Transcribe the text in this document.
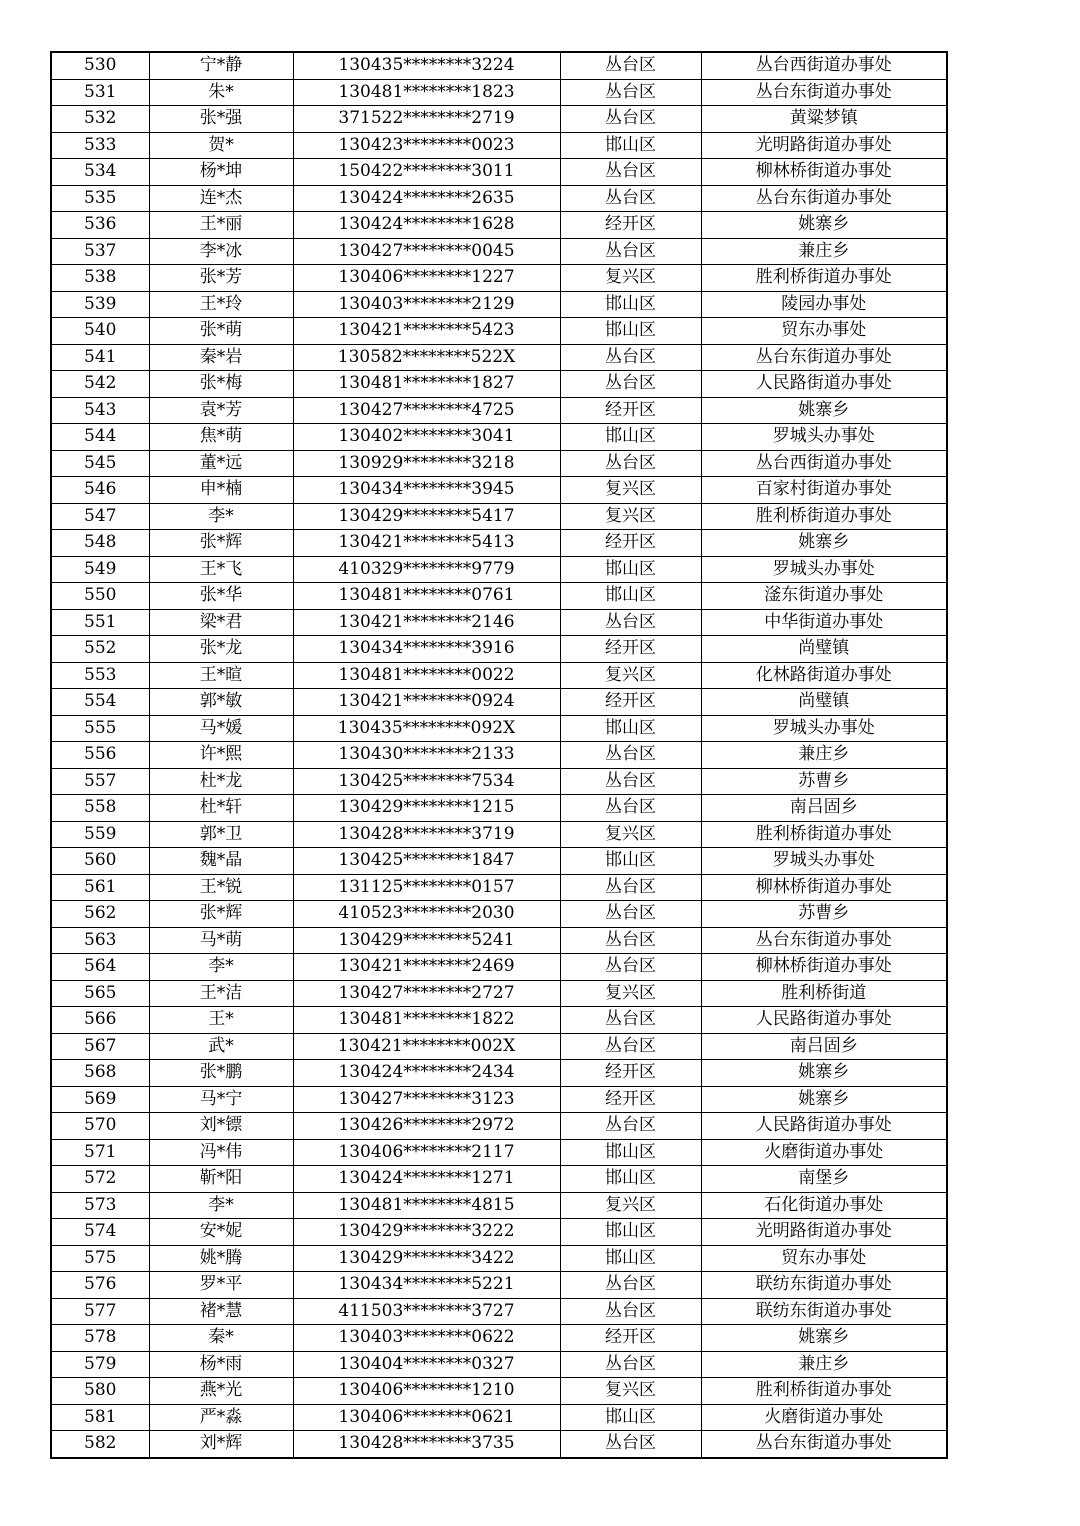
530	宁*静	130435********3224	丛台区	丛台西街道办事处
531	朱*	130481********1823	丛台区	丛台东街道办事处
532	张*强	371522********2719	丛台区	黄粱梦镇
533	贺*	130423********0023	邯山区	光明路街道办事处
534	杨*坤	150422********3011	丛台区	柳林桥街道办事处
535	连*杰	130424********2635	丛台区	丛台东街道办事处
536	王*丽	130424********1628	经开区	姚寨乡
537	李*冰	130427********0045	丛台区	兼庄乡
538	张*芳	130406********1227	复兴区	胜利桥街道办事处
539	王*玲	130403********2129	邯山区	陵园办事处
540	张*萌	130421********5423	邯山区	贸东办事处
541	秦*岩	130582********522X	丛台区	丛台东街道办事处
542	张*梅	130481********1827	丛台区	人民路街道办事处
543	袁*芳	130427********4725	经开区	姚寨乡
544	焦*萌	130402********3041	邯山区	罗城头办事处
545	董*远	130929********3218	丛台区	丛台西街道办事处
546	申*楠	130434********3945	复兴区	百家村街道办事处
547	李*	130429********5417	复兴区	胜利桥街道办事处
548	张*辉	130421********5413	经开区	姚寨乡
549	王*飞	410329********9779	邯山区	罗城头办事处
550	张*华	130481********0761	邯山区	滏东街道办事处
551	梁*君	130421********2146	丛台区	中华街道办事处
552	张*龙	130434********3916	经开区	尚璧镇
553	王*暄	130481********0022	复兴区	化林路街道办事处
554	郭*敏	130421********0924	经开区	尚璧镇
555	马*媛	130435********092X	邯山区	罗城头办事处
556	许*熙	130430********2133	丛台区	兼庄乡
557	杜*龙	130425********7534	丛台区	苏曹乡
558	杜*轩	130429********1215	丛台区	南吕固乡
559	郭*卫	130428********3719	复兴区	胜利桥街道办事处
560	魏*晶	130425********1847	邯山区	罗城头办事处
561	王*锐	131125********0157	丛台区	柳林桥街道办事处
562	张*辉	410523********2030	丛台区	苏曹乡
563	马*萌	130429********5241	丛台区	丛台东街道办事处
564	李*	130421********2469	丛台区	柳林桥街道办事处
565	王*洁	130427********2727	复兴区	胜利桥街道
566	王*	130481********1822	丛台区	人民路街道办事处
567	武*	130421********002X	丛台区	南吕固乡
568	张*鹏	130424********2434	经开区	姚寨乡
569	马*宁	130427********3123	经开区	姚寨乡
570	刘*镖	130426********2972	丛台区	人民路街道办事处
571	冯*伟	130406********2117	邯山区	火磨街道办事处
572	靳*阳	130424********1271	邯山区	南堡乡
573	李*	130481********4815	复兴区	石化街道办事处
574	安*妮	130429********3222	邯山区	光明路街道办事处
575	姚*腾	130429********3422	邯山区	贸东办事处
576	罗*平	130434********5221	丛台区	联纺东街道办事处
577	褚*慧	411503********3727	丛台区	联纺东街道办事处
578	秦*	130403********0622	经开区	姚寨乡
579	杨*雨	130404********0327	丛台区	兼庄乡
580	燕*光	130406********1210	复兴区	胜利桥街道办事处
581	严*淼	130406********0621	邯山区	火磨街道办事处
582	刘*辉	130428********3735	丛台区	丛台东街道办事处
